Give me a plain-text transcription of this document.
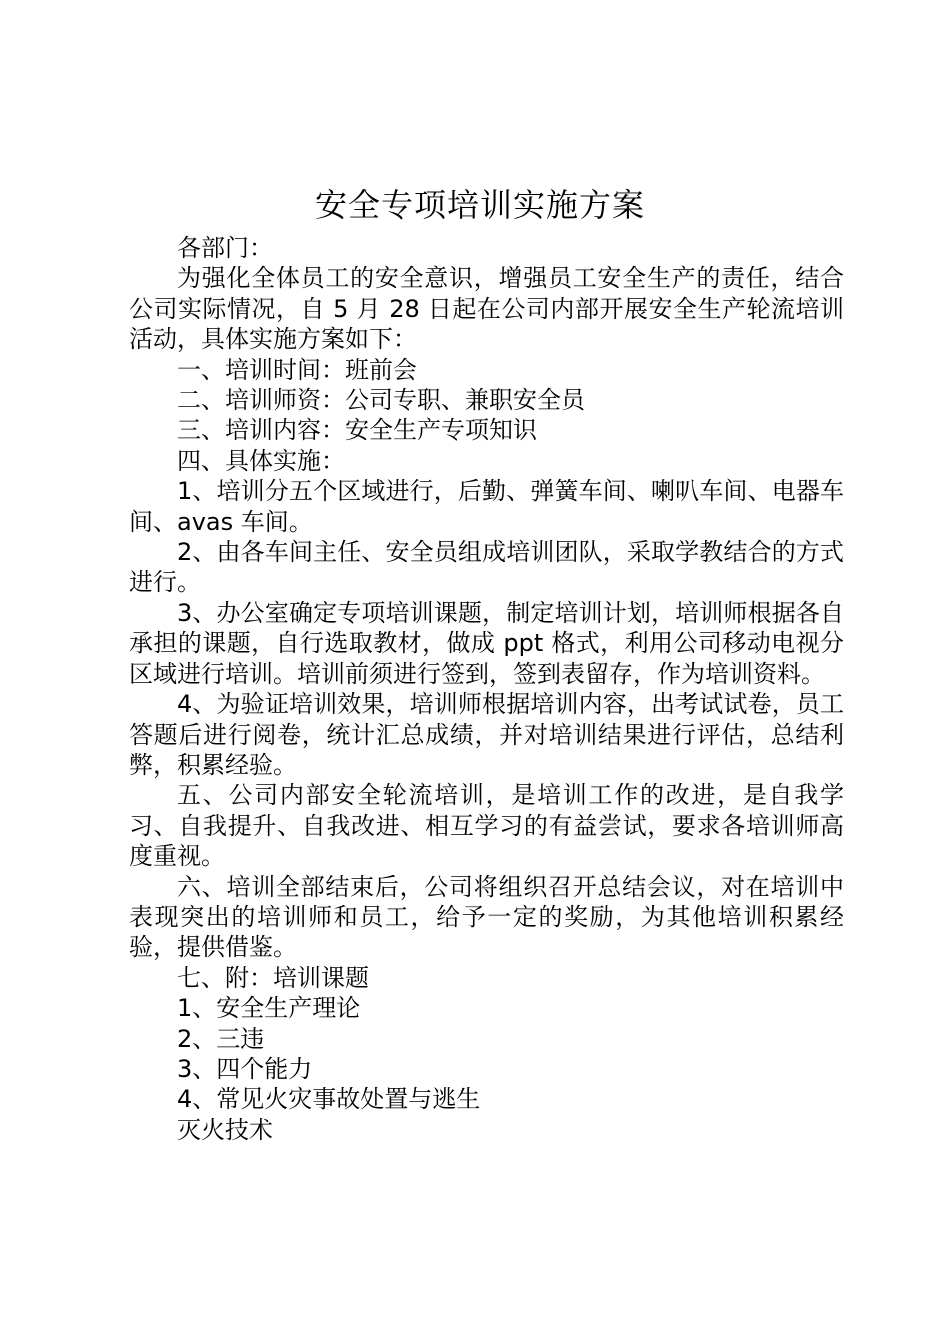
安全专项培训实施方案

各部门：

为强化全体员工的安全意识，增强员工安全生产的责任，结合公司实际情况，自 5 月 28 日起在公司内部开展安全生产轮流培训活动，具体实施方案如下：

一、培训时间：班前会

二、培训师资：公司专职、兼职安全员

三、培训内容：安全生产专项知识

四、具体实施：

1、培训分五个区域进行，后勤、弹簧车间、喇叭车间、电器车间、avas 车间。

2、由各车间主任、安全员组成培训团队，采取学教结合的方式进行。

3、办公室确定专项培训课题，制定培训计划，培训师根据各自承担的课题，自行选取教材，做成 ppt 格式，利用公司移动电视分区域进行培训。培训前须进行签到，签到表留存，作为培训资料。

4、为验证培训效果，培训师根据培训内容，出考试试卷，员工答题后进行阅卷，统计汇总成绩，并对培训结果进行评估，总结利弊，积累经验。

五、公司内部安全轮流培训，是培训工作的改进，是自我学习、自我提升、自我改进、相互学习的有益尝试，要求各培训师高度重视。

六、培训全部结束后，公司将组织召开总结会议，对在培训中表现突出的培训师和员工，给予一定的奖励，为其他培训积累经验，提供借鉴。

七、附：培训课题

1、安全生产理论

2、三违

3、四个能力

4、常见火灾事故处置与逃生

灭火技术
